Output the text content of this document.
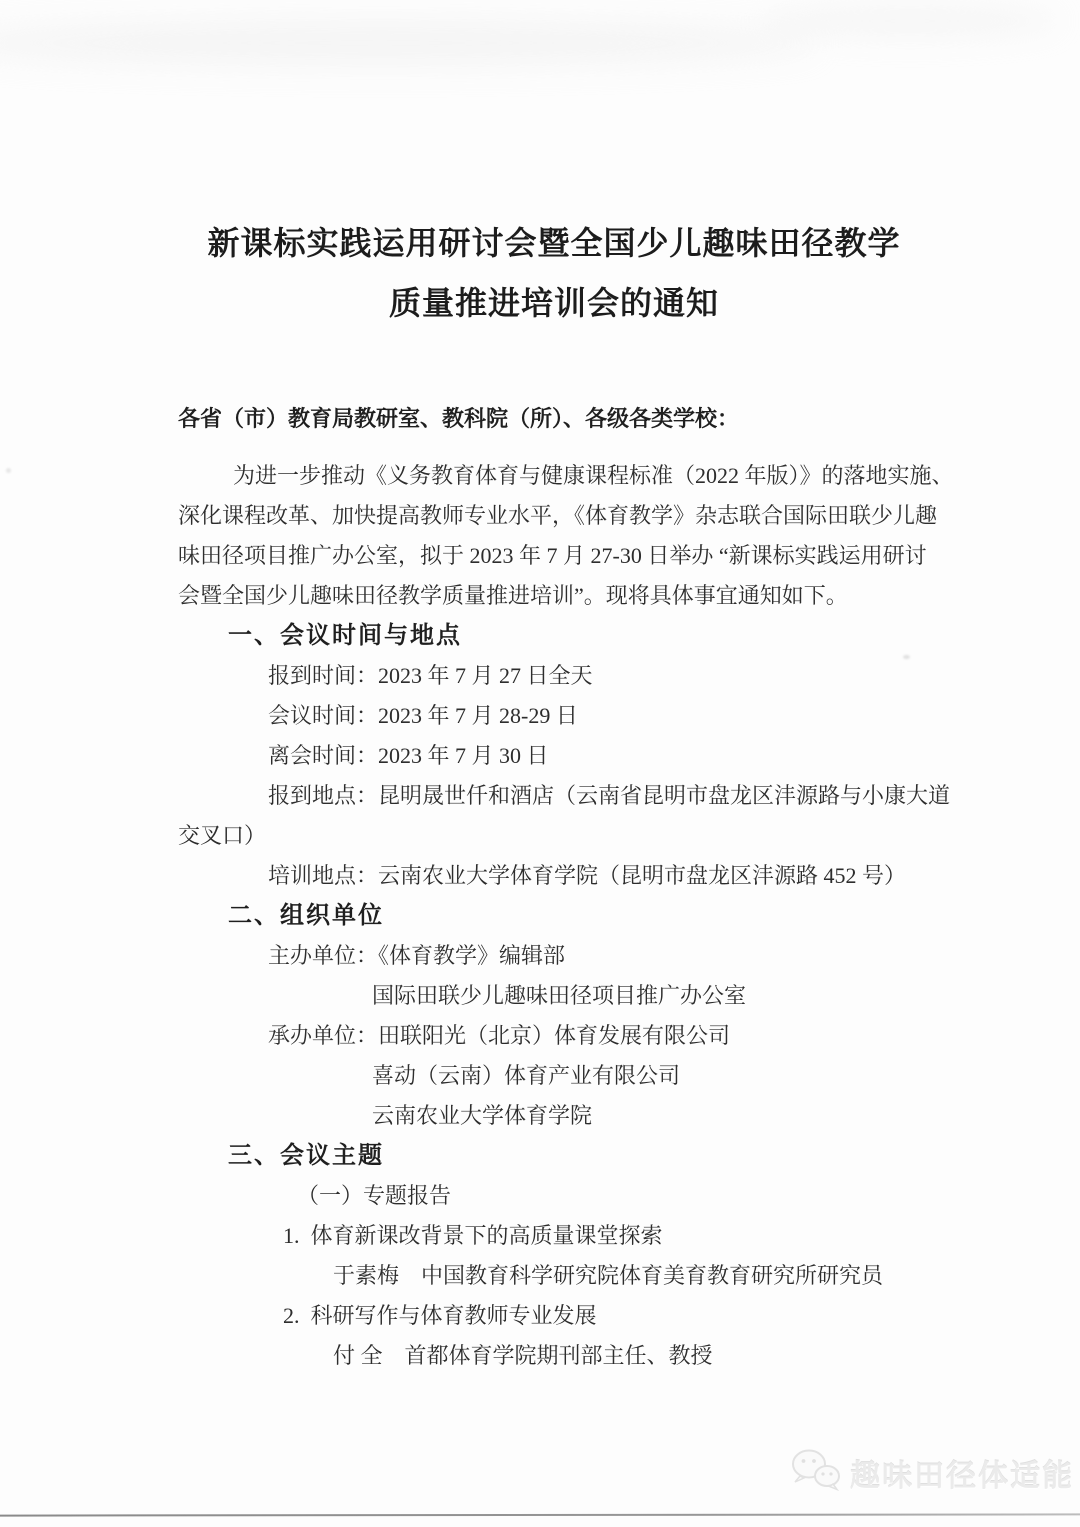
新课标实践运用研讨会暨全国少儿趣味田径教学
质量推进培训会的通知
各省（市）教育局教研室、教科院（所）、各级各类学校：
为进一步推动《义务教育体育与健康课程标准（2022 年版）》的落地实施、
深化课程改革、加快提高教师专业水平，《体育教学》杂志联合国际田联少儿趣
味田径项目推广办公室，拟于 2023 年 7 月 27-30 日举办 “新课标实践运用研讨
会暨全国少儿趣味田径教学质量推进培训”。现将具体事宜通知如下。
一、会议时间与地点
报到时间：2023 年 7 月 27 日全天
会议时间：2023 年 7 月 28-29 日
离会时间：2023 年 7 月 30 日
报到地点：昆明晟世仟和酒店（云南省昆明市盘龙区沣源路与小康大道
交叉口）
培训地点：云南农业大学体育学院（昆明市盘龙区沣源路 452 号）
二、组织单位
主办单位：《体育教学》编辑部
国际田联少儿趣味田径项目推广办公室
承办单位：田联阳光（北京）体育发展有限公司
喜动（云南）体育产业有限公司
云南农业大学体育学院
三、会议主题
（一）专题报告
1.  体育新课改背景下的高质量课堂探索
于素梅　中国教育科学研究院体育美育教育研究所研究员
2.  科研写作与体育教师专业发展
付 全　首都体育学院期刊部主任、教授
趣味田径体适能
